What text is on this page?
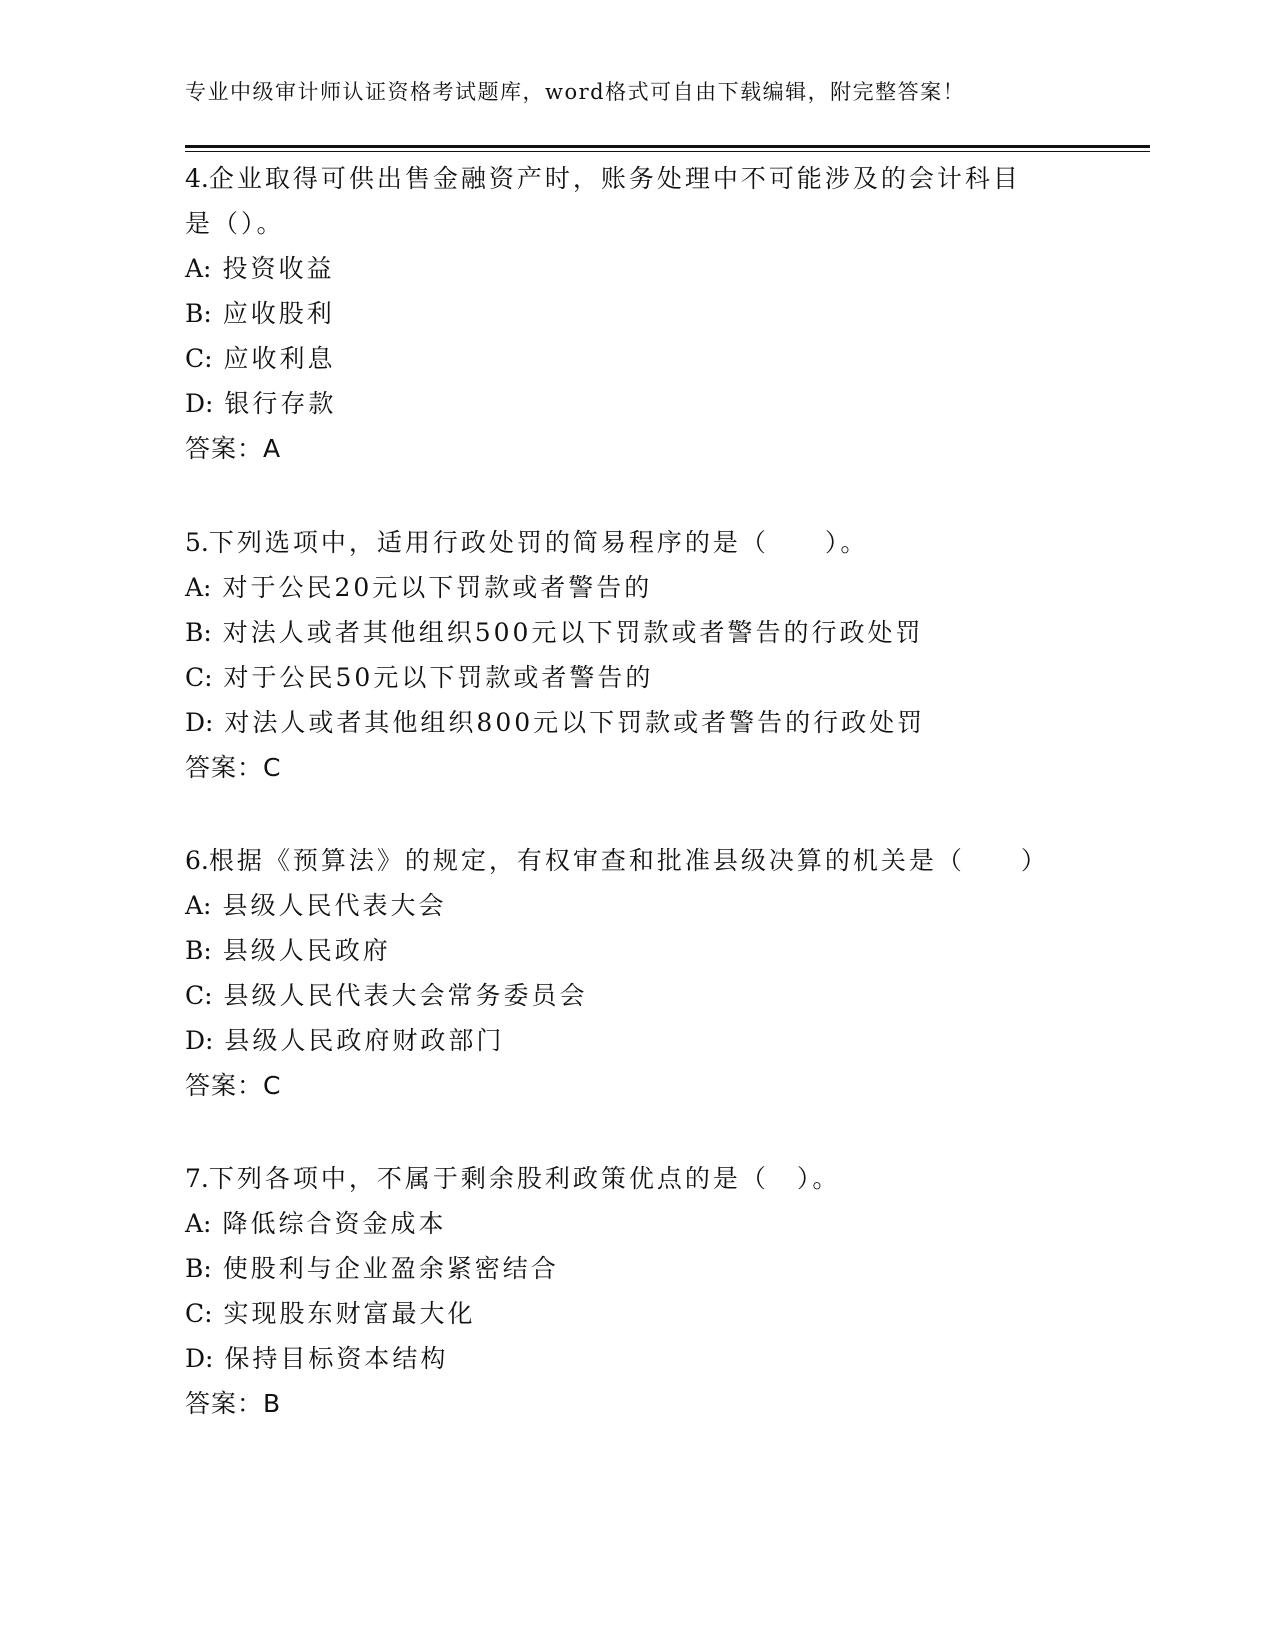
专业中级审计师认证资格考试题库，word格式可自由下载编辑，附完整答案！
4.企业取得可供出售金融资产时，账务处理中不可能涉及的会计科目
是（）。
A: 投资收益
B: 应收股利
C: 应收利息
D: 银行存款
答案：A
5.下列选项中，适用行政处罚的简易程序的是（　　）。
A: 对于公民20元以下罚款或者警告的
B: 对法人或者其他组织500元以下罚款或者警告的行政处罚
C: 对于公民50元以下罚款或者警告的
D: 对法人或者其他组织800元以下罚款或者警告的行政处罚
答案：C
6.根据《预算法》的规定，有权审查和批准县级决算的机关是（　　）
A: 县级人民代表大会
B: 县级人民政府
C: 县级人民代表大会常务委员会
D: 县级人民政府财政部门
答案：C
7.下列各项中，不属于剩余股利政策优点的是（　）。
A: 降低综合资金成本
B: 使股利与企业盈余紧密结合
C: 实现股东财富最大化
D: 保持目标资本结构
答案：B
